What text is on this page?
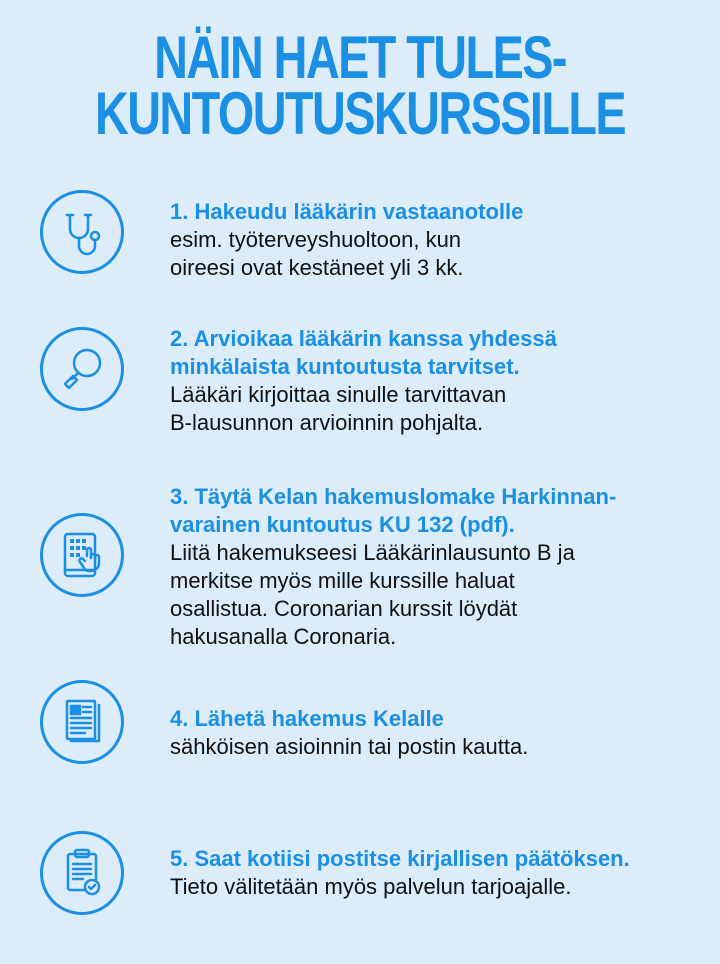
NÄIN HAET TULES-
KUNTOUTUSKURSSILLE
1. Hakeudu lääkärin vastaanotolle
esim. työterveyshuoltoon, kun
oireesi ovat kestäneet yli 3 kk.
2. Arvioikaa lääkärin kanssa yhdessä
minkälaista kuntoutusta tarvitset.
Lääkäri kirjoittaa sinulle tarvittavan
B-lausunnon arvioinnin pohjalta.
3. Täytä Kelan hakemuslomake Harkinnan-
varainen kuntoutus KU 132 (pdf).
Liitä hakemukseesi Lääkärinlausunto B ja
merkitse myös mille kurssille haluat
osallistua. Coronarian kurssit löydät
hakusanalla Coronaria.
4. Lähetä hakemus Kelalle
sähköisen asioinnin tai postin kautta.
5. Saat kotiisi postitse kirjallisen päätöksen.
Tieto välitetään myös palvelun tarjoajalle.
